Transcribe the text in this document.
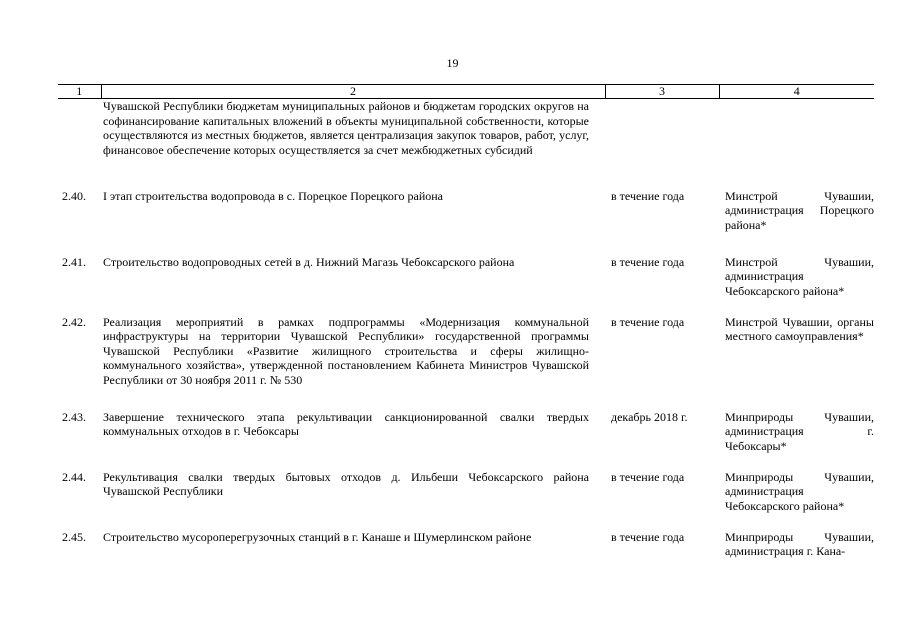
19
1	2	3	4
	Чувашской Республики бюджетам муниципальных районов и бюджетам городских округов на софинансирование капитальных вложений в объекты муниципальной собственности, которые осуществляются из местных бюджетов, является централизация закупок товаров, работ, услуг, финансовое обеспечение которых осуществляется за счет межбюджетных субсидий		
2.40.	I этап строительства водопровода в с. Порецкое Порецкого района	в течение года	Минстрой Чувашии, администрация Порецкого района*
2.41.	Строительство водопроводных сетей в д. Нижний Магазь Чебоксарского района	в течение года	Минстрой Чувашии, администрация Чебоксарского района*
2.42.	Реализация мероприятий в рамках подпрограммы «Модернизация коммунальной инфраструктуры на территории Чувашской Республики» государственной программы Чувашской Республики «Развитие жилищного строительства и сферы жилищно-коммунального хозяйства», утвержденной постановлением Кабинета Министров Чувашской Республики от 30 ноября 2011 г. № 530	в течение года	Минстрой Чувашии, органы местного самоуправления*
2.43.	Завершение технического этапа рекультивации санкционированной свалки твердых коммунальных отходов в г. Чебоксары	декабрь 2018 г.	Минприроды Чувашии, администрация г. Чебоксары*
2.44.	Рекультивация свалки твердых бытовых отходов д. Ильбеши Чебоксарского района Чувашской Республики	в течение года	Минприроды Чувашии, администрация Чебоксарского района*
2.45.	Строительство мусороперегрузочных станций в г. Канаше и Шумерлинском районе	в течение года	Минприроды Чувашии, администрация г. Кана-
